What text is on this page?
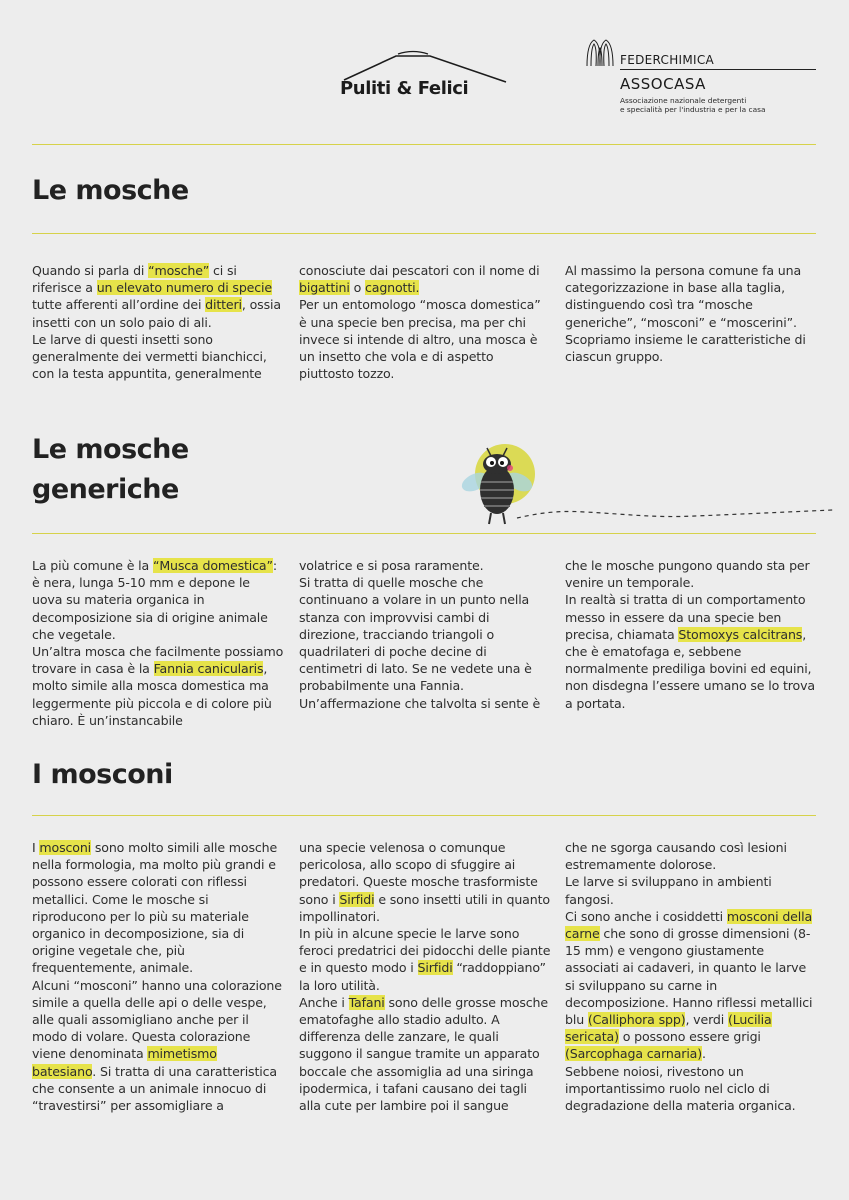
Puliti & Felici
FEDERCHIMICA
ASSOCASA
Associazione nazionale detergenti
e specialità per l'industria e per la casa
Le mosche

Quando si parla di “mosche” ci si riferisce a un elevato numero di specie tutte afferenti all’ordine dei ditteri, ossia insetti con un solo paio di ali.

Le larve di questi insetti sono generalmente dei vermetti bianchicci, con la testa appuntita, generalmente

conosciute dai pescatori con il nome di bigattini o cagnotti.

Per un entomologo “mosca domestica” è una specie ben precisa, ma per chi invece si intende di altro, una mosca è un insetto che vola e di aspetto piuttosto tozzo.

Al massimo la persona comune fa una categorizzazione in base alla taglia, distinguendo così tra “mosche generiche”, “mosconi” e “moscerini”.

Scopriamo insieme le caratteristiche di ciascun gruppo.

Le mosche
generiche

La più comune è la “Musca domestica”: è nera, lunga 5-10 mm e depone le uova su materia organica in decomposizione sia di origine animale che vegetale.

Un’altra mosca che facilmente possiamo trovare in casa è la Fannia canicularis, molto simile alla mosca domestica ma leggermente più piccola e di colore più chiaro. È un’instancabile

volatrice e si posa raramente.

Si tratta di quelle mosche che continuano a volare in un punto nella stanza con improvvisi cambi di direzione, tracciando triangoli o quadrilateri di poche decine di centimetri di lato. Se ne vedete una è probabilmente una Fannia.

Un’affermazione che talvolta si sente è

che le mosche pungono quando sta per venire un temporale.

In realtà si tratta di un comportamento messo in essere da una specie ben precisa, chiamata Stomoxys calcitrans, che è ematofaga e, sebbene normalmente prediliga bovini ed equini, non disdegna l’essere umano se lo trova a portata.

I mosconi

I mosconi sono molto simili alle mosche nella formologia, ma molto più grandi e possono essere colorati con riflessi metallici. Come le mosche si riproducono per lo più su materiale organico in decomposizione, sia di origine vegetale che, più frequentemente, animale.

Alcuni “mosconi” hanno una colorazione simile a quella delle api o delle vespe, alle quali assomigliano anche per il modo di volare. Questa colorazione viene denominata mimetismo batesiano. Si tratta di una caratteristica che consente a un animale innocuo di “travestirsi” per assomigliare a

una specie velenosa o comunque pericolosa, allo scopo di sfuggire ai predatori. Queste mosche trasformiste sono i Sirfidi e sono insetti utili in quanto impollinatori.

In più in alcune specie le larve sono feroci predatrici dei pidocchi delle piante e in questo modo i Sirfidi “raddoppiano” la loro utilità.

Anche i Tafani sono delle grosse mosche ematofaghe allo stadio adulto. A differenza delle zanzare, le quali suggono il sangue tramite un apparato boccale che assomiglia ad una siringa ipodermica, i tafani causano dei tagli alla cute per lambire poi il sangue

che ne sgorga causando così lesioni estremamente dolorose.

Le larve si sviluppano in ambienti fangosi.

Ci sono anche i cosiddetti mosconi della carne che sono di grosse dimensioni (8-15 mm) e vengono giustamente associati ai cadaveri, in quanto le larve si sviluppano su carne in decomposizione. Hanno riflessi metallici blu (Calliphora spp), verdi (Lucilia sericata) o possono essere grigi (Sarcophaga carnaria).

Sebbene noiosi, rivestono un importantissimo ruolo nel ciclo di degradazione della materia organica.
